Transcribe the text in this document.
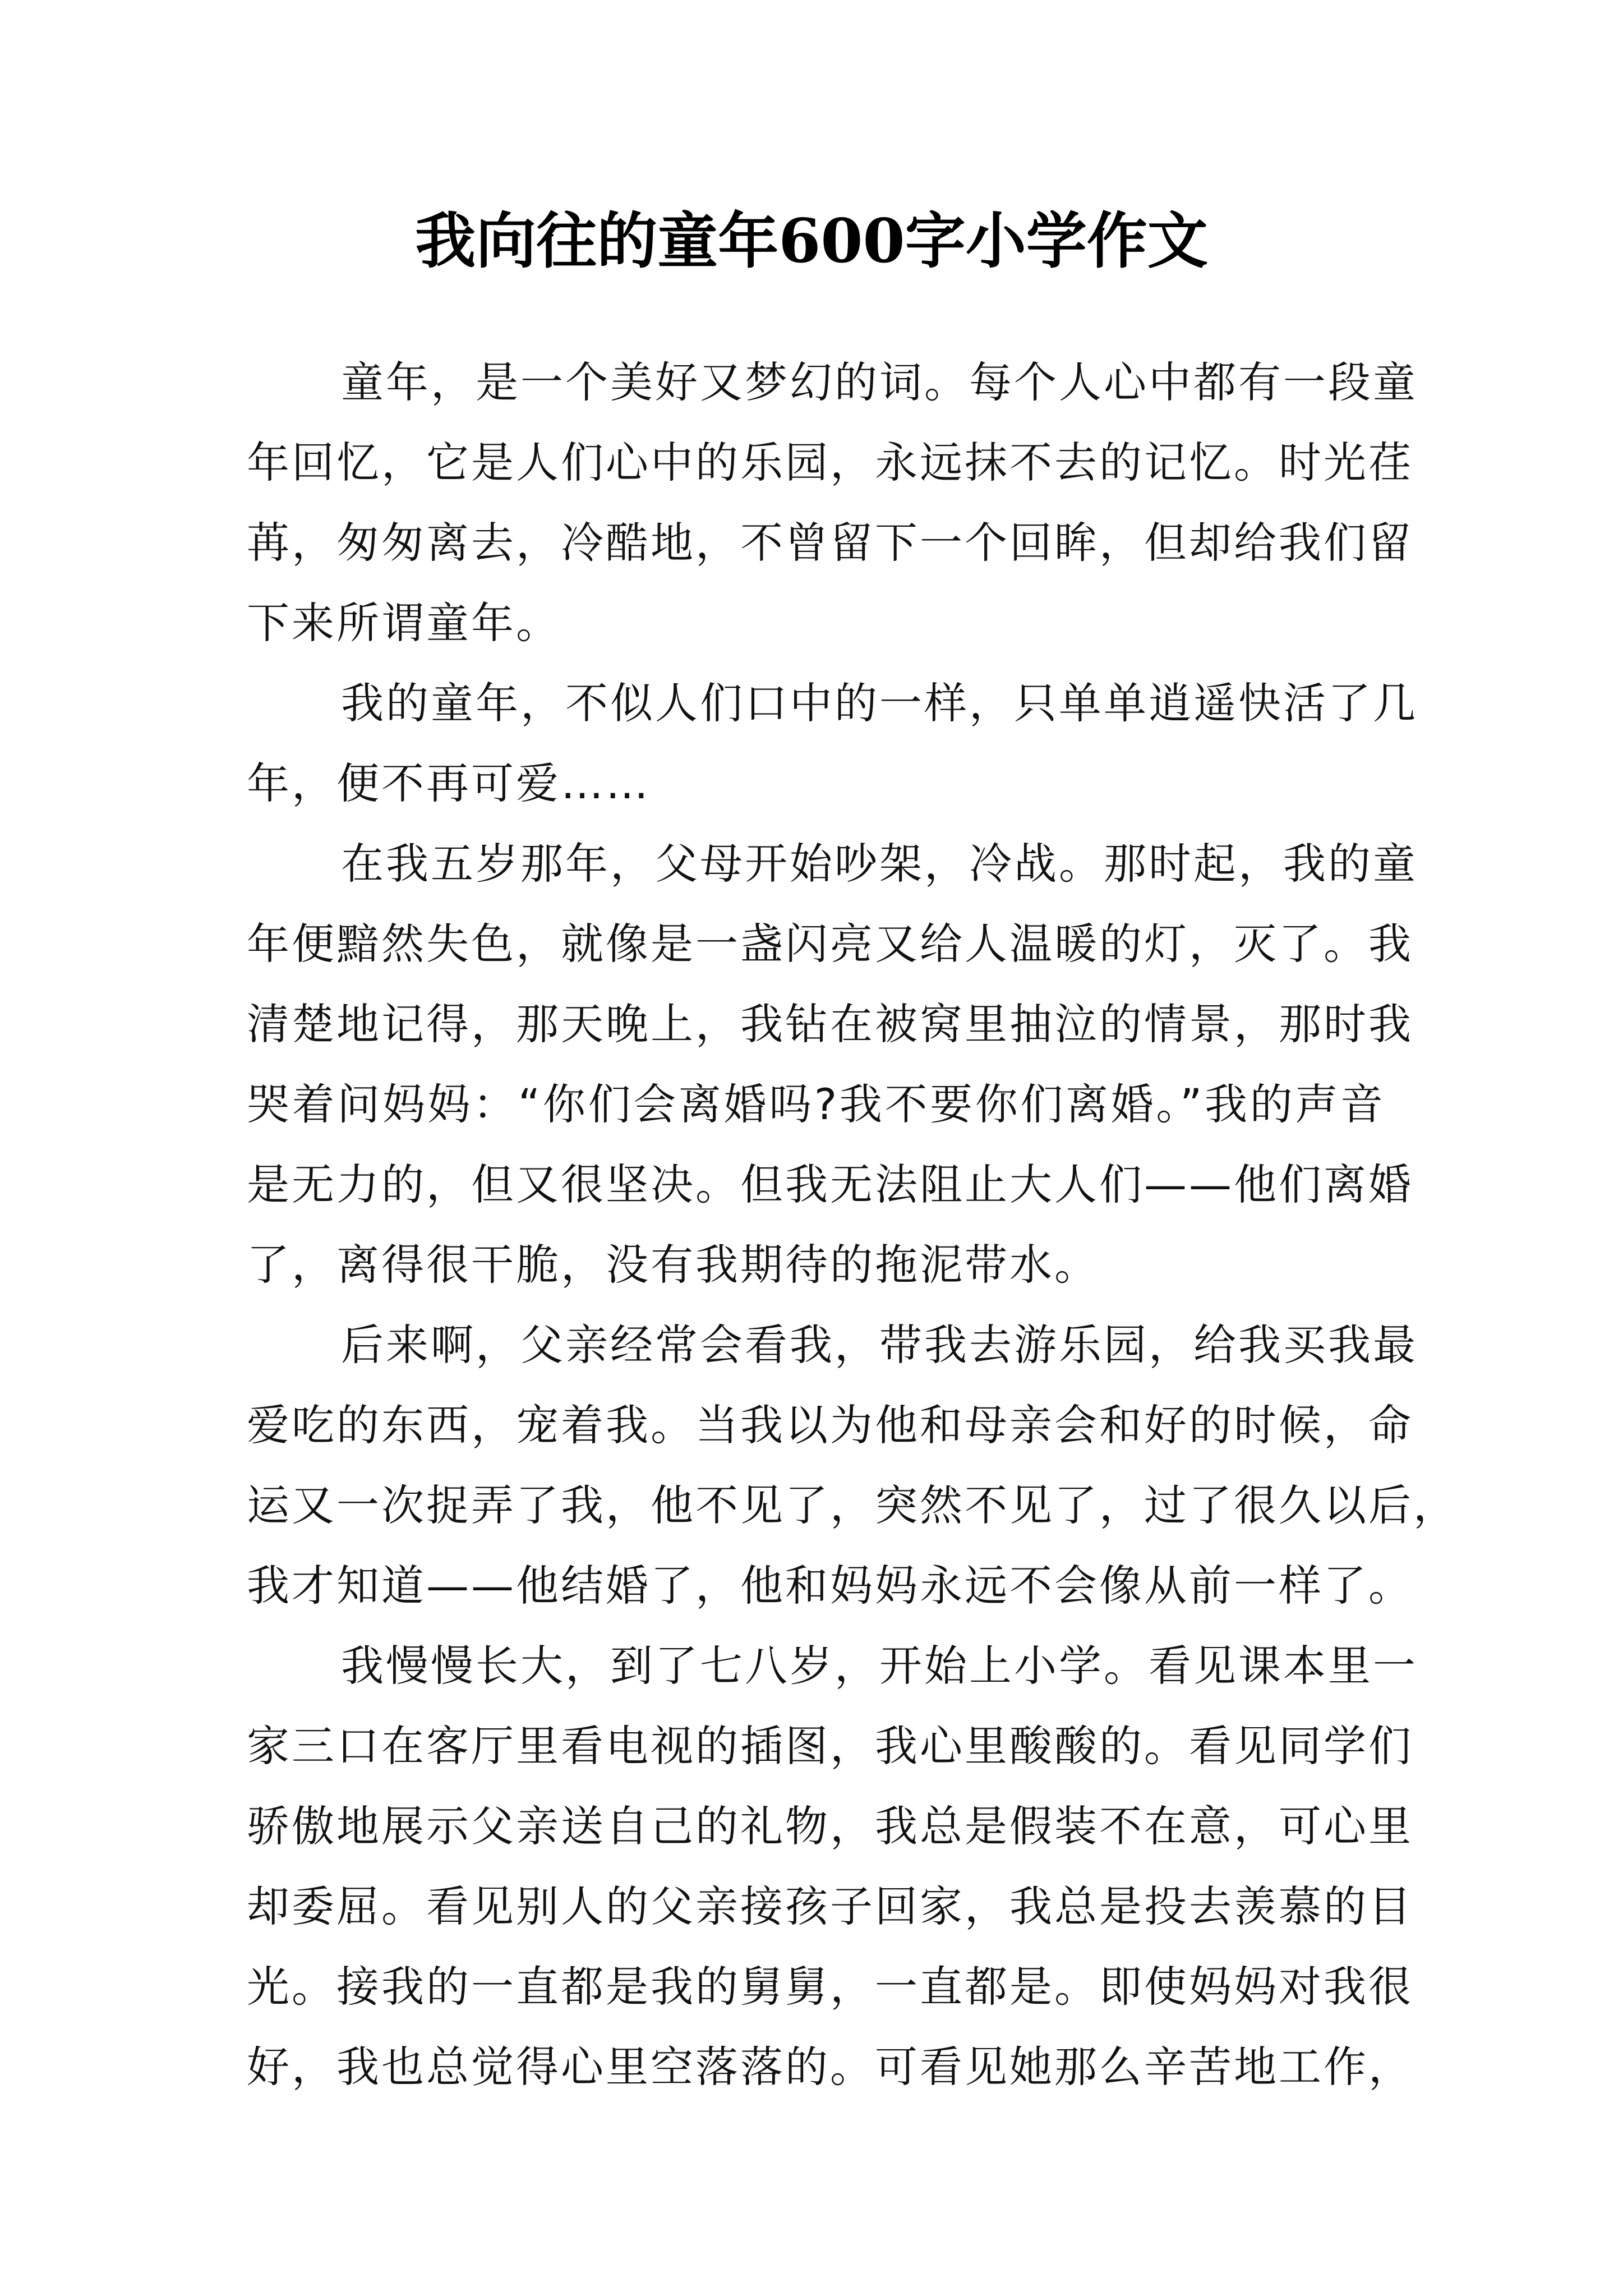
我向往的童年600字小学作文
童年，是一个美好又梦幻的词。每个人心中都有一段童
年回忆，它是人们心中的乐园，永远抹不去的记忆。时光荏
苒，匆匆离去，冷酷地，不曾留下一个回眸，但却给我们留
下来所谓童年。
我的童年，不似人们口中的一样，只单单逍遥快活了几
年，便不再可爱……
在我五岁那年，父母开始吵架，冷战。那时起，我的童
年便黯然失色，就像是一盏闪亮又给人温暖的灯，灭了。我
清楚地记得，那天晚上，我钻在被窝里抽泣的情景，那时我
哭着问妈妈：“你们会离婚吗?我不要你们离婚。”我的声音
是无力的，但又很坚决。但我无法阻止大人们——他们离婚
了，离得很干脆，没有我期待的拖泥带水。
后来啊，父亲经常会看我，带我去游乐园，给我买我最
爱吃的东西，宠着我。当我以为他和母亲会和好的时候，命
运又一次捉弄了我，他不见了，突然不见了，过了很久以后，
我才知道——他结婚了，他和妈妈永远不会像从前一样了。
我慢慢长大，到了七八岁，开始上小学。看见课本里一
家三口在客厅里看电视的插图，我心里酸酸的。看见同学们
骄傲地展示父亲送自己的礼物，我总是假装不在意，可心里
却委屈。看见别人的父亲接孩子回家，我总是投去羡慕的目
光。接我的一直都是我的舅舅，一直都是。即使妈妈对我很
好，我也总觉得心里空落落的。可看见她那么辛苦地工作，
